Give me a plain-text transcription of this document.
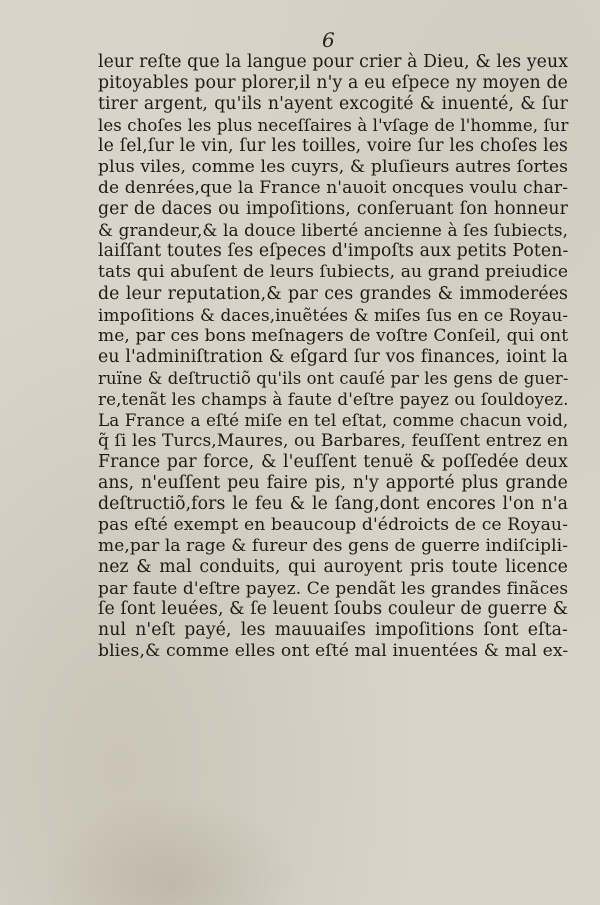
6
leur reſte que la langue pour crier à Dieu, & les yeux
pitoyables pour plorer,il n'y a eu eſpece ny moyen de
tirer argent, qu'ils n'ayent excogité & inuenté, & ſur
les choſes les plus neceſſaires à l'vſage de l'homme, ſur
le ſel,ſur le vin, ſur les toilles, voire ſur les choſes les
plus viles, comme les cuyrs, & pluſieurs autres ſortes
de denrées,que la France n'auoit oncques voulu char-
ger de daces ou impoſitions, conſeruant ſon honneur
& grandeur,& la douce liberté ancienne à ſes ſubiects,
laiſſant toutes ſes eſpeces d'impoſts aux petits Poten-
tats qui abuſent de leurs ſubiects, au grand preiudice
de leur reputation,& par ces grandes & immoderées
impoſitions & daces,inuẽtées & miſes ſus en ce Royau-
me, par ces bons meſnagers de voſtre Conſeil, qui ont
eu l'adminiſtration & eſgard ſur vos finances, ioint la
ruïne & deſtructiõ qu'ils ont cauſé par les gens de guer-
re,tenãt les champs à faute d'eſtre payez ou ſouldoyez.
La France a eſté miſe en tel eſtat, comme chacun void,
q̃ ſi les Turcs,Maures, ou Barbares, feuſſent entrez en
France par force, & l'euſſent tenuë & poſſedée deux
ans, n'euſſent peu faire pis, n'y apporté plus grande
deſtructiõ,fors le feu & le ſang,dont encores l'on n'a
pas eſté exempt en beaucoup d'édroicts de ce Royau-
me,par la rage & fureur des gens de guerre indiſcipli-
nez & mal conduits, qui auroyent pris toute licence
par faute d'eſtre payez. Ce pendãt les grandes finãces
ſe ſont leuées, & ſe leuent ſoubs couleur de guerre &
nul n'eſt payé, les mauuaiſes impoſitions ſont eſta-
blies,& comme elles ont eſté mal inuentées & mal ex-
